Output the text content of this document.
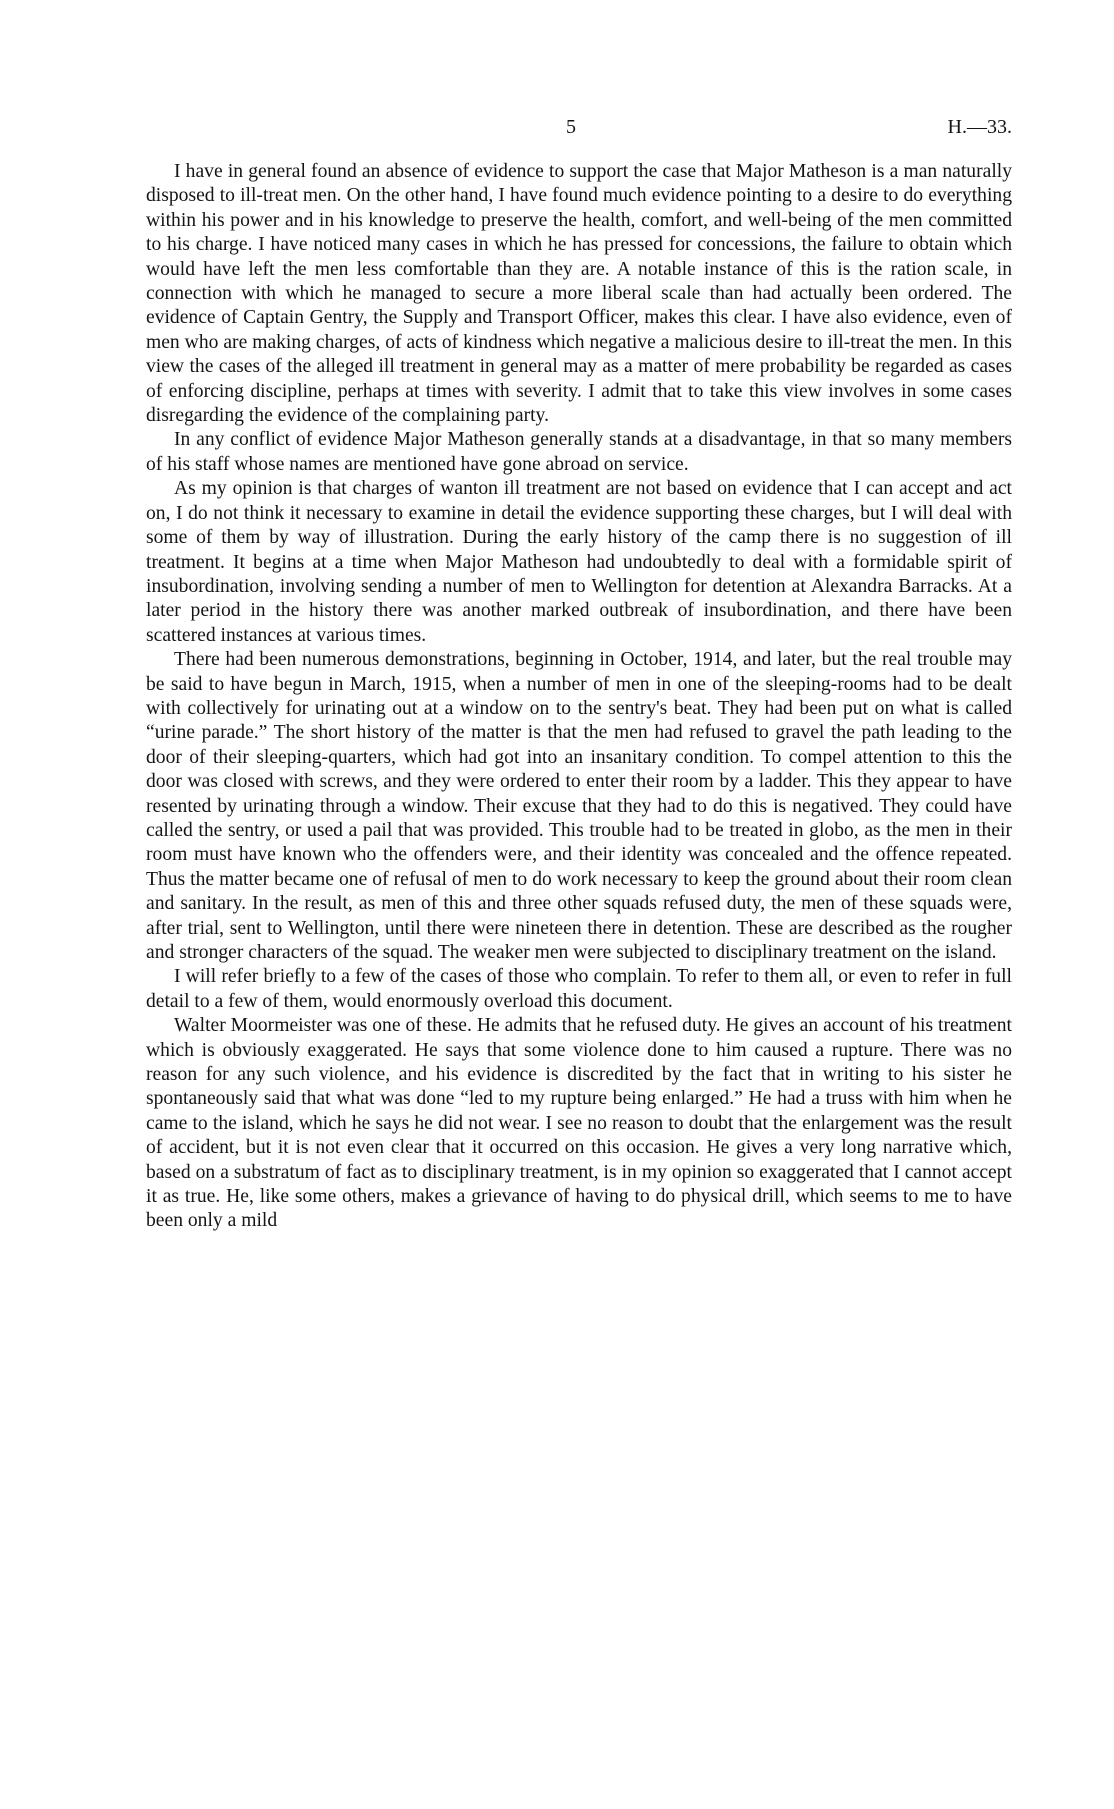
5	H.—33.

I have in general found an absence of evidence to support the case that Major Matheson is a man naturally disposed to ill-treat men. On the other hand, I have found much evidence pointing to a desire to do everything within his power and in his knowledge to preserve the health, comfort, and well-being of the men committed to his charge. I have noticed many cases in which he has pressed for concessions, the failure to obtain which would have left the men less comfortable than they are. A notable instance of this is the ration scale, in connection with which he managed to secure a more liberal scale than had actually been ordered. The evidence of Captain Gentry, the Supply and Transport Officer, makes this clear. I have also evidence, even of men who are making charges, of acts of kindness which negative a malicious desire to ill-treat the men. In this view the cases of the alleged ill treatment in general may as a matter of mere probability be regarded as cases of enforcing discipline, perhaps at times with severity. I admit that to take this view involves in some cases disregarding the evidence of the complaining party.

In any conflict of evidence Major Matheson generally stands at a disadvantage, in that so many members of his staff whose names are mentioned have gone abroad on service.

As my opinion is that charges of wanton ill treatment are not based on evidence that I can accept and act on, I do not think it necessary to examine in detail the evidence supporting these charges, but I will deal with some of them by way of illustration. During the early history of the camp there is no suggestion of ill treatment. It begins at a time when Major Matheson had undoubtedly to deal with a formidable spirit of insubordination, involving sending a number of men to Wellington for detention at Alexandra Barracks. At a later period in the history there was another marked outbreak of insubordination, and there have been scattered instances at various times.

There had been numerous demonstrations, beginning in October, 1914, and later, but the real trouble may be said to have begun in March, 1915, when a number of men in one of the sleeping-rooms had to be dealt with collectively for urinating out at a window on to the sentry's beat. They had been put on what is called “urine parade.” The short history of the matter is that the men had refused to gravel the path leading to the door of their sleeping-quarters, which had got into an insanitary condition. To compel attention to this the door was closed with screws, and they were ordered to enter their room by a ladder. This they appear to have resented by urinating through a window. Their excuse that they had to do this is negatived. They could have called the sentry, or used a pail that was provided. This trouble had to be treated in globo, as the men in their room must have known who the offenders were, and their identity was concealed and the offence repeated. Thus the matter became one of refusal of men to do work necessary to keep the ground about their room clean and sanitary. In the result, as men of this and three other squads refused duty, the men of these squads were, after trial, sent to Wellington, until there were nineteen there in detention. These are described as the rougher and stronger characters of the squad. The weaker men were subjected to disciplinary treatment on the island.

I will refer briefly to a few of the cases of those who complain. To refer to them all, or even to refer in full detail to a few of them, would enormously overload this document.

Walter Moormeister was one of these. He admits that he refused duty. He gives an account of his treatment which is obviously exaggerated. He says that some violence done to him caused a rupture. There was no reason for any such violence, and his evidence is discredited by the fact that in writing to his sister he spontaneously said that what was done “led to my rupture being enlarged.” He had a truss with him when he came to the island, which he says he did not wear. I see no reason to doubt that the enlargement was the result of accident, but it is not even clear that it occurred on this occasion. He gives a very long narrative which, based on a substratum of fact as to disciplinary treatment, is in my opinion so exaggerated that I cannot accept it as true. He, like some others, makes a grievance of having to do physical drill, which seems to me to have been only a mild
